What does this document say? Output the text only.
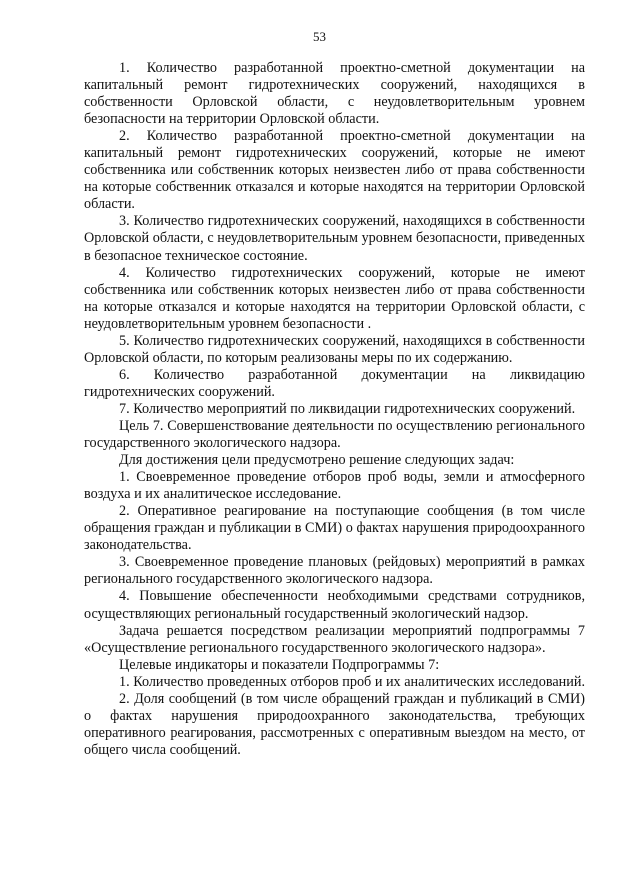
53

1. Количество разработанной проектно-сметной документации на капитальный ремонт гидротехнических сооружений, находящихся в собственности Орловской области, с неудовлетворительным уровнем безопасности на территории Орловской области.

2. Количество разработанной проектно-сметной документации на капитальный ремонт гидротехнических сооружений, которые не имеют собственника или собственник которых неизвестен либо от права собственности на которые собственник отказался и которые находятся на территории Орловской области.

3. Количество гидротехнических сооружений, находящихся в собственности Орловской области, с неудовлетворительным уровнем безопасности, приведенных в безопасное техническое состояние.

4. Количество гидротехнических сооружений, которые не имеют собственника или собственник которых неизвестен либо от права собственности на которые отказался и которые находятся на территории Орловской области, с неудовлетворительным уровнем безопасности .

5. Количество гидротехнических сооружений, находящихся в собственности Орловской области, по которым реализованы меры по их содержанию.

6. Количество разработанной документации на ликвидацию гидротехнических сооружений.

7. Количество мероприятий по ликвидации гидротехнических сооружений.

Цель 7. Совершенствование деятельности по осуществлению регионального государственного экологического надзора.

Для достижения цели предусмотрено решение следующих задач:

1. Своевременное проведение отборов проб воды, земли и атмосферного воздуха и их аналитическое исследование.

2. Оперативное реагирование на поступающие сообщения (в том числе обращения граждан и публикации в СМИ) о фактах нарушения природоохранного законодательства.

3. Своевременное проведение плановых (рейдовых) мероприятий в рамках регионального государственного экологического надзора.

4. Повышение обеспеченности необходимыми средствами сотрудников, осуществляющих региональный государственный экологический надзор.

Задача решается посредством реализации мероприятий подпрограммы 7 «Осуществление регионального государственного экологического надзора».

Целевые индикаторы и показатели Подпрограммы 7:

1. Количество проведенных отборов проб и их аналитических исследований.

2. Доля сообщений (в том числе обращений граждан и публикаций в СМИ) о фактах нарушения природоохранного законодательства, требующих оперативного реагирования, рассмотренных с оперативным выездом на место, от общего числа сообщений.
